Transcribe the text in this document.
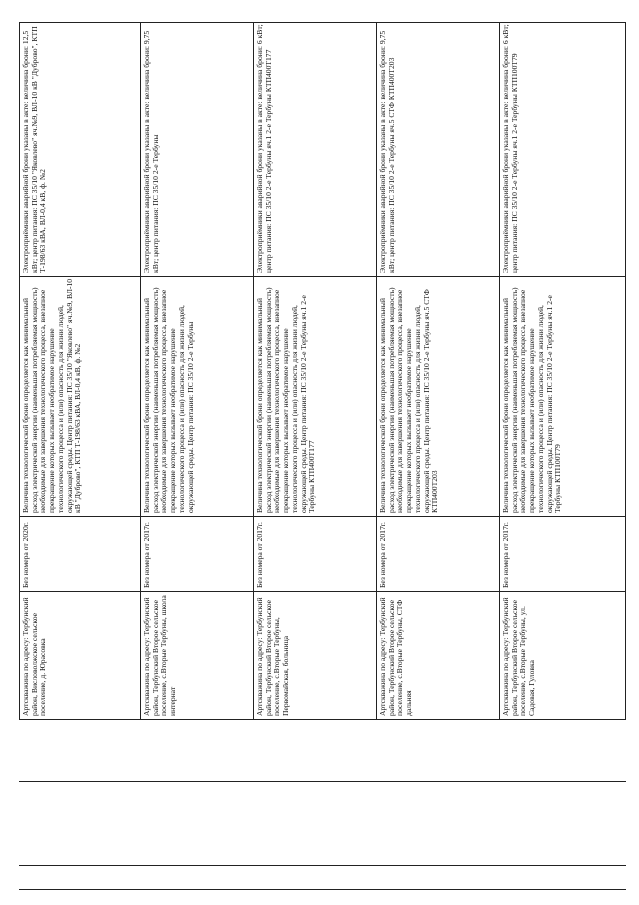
Артскважина по адресу: Тербунский район, Висловолжское сельское поселение, д. Юрасовка
Без номера от 2020г.
Величина технологической брони определяется как минимальный расход электрической энергии (наименьшая потребляемая мощность) необходимые для завершения технологического процесса, внезапное прекращение которых вызывает необратимое нарушение технологического процесса и (или) опасность для жизни людей, окружающей среды. Центр питания: ПС 35/10 "Яковлево" яч.№9, ВЛ-10 кВ "Дуброво", КТП Т-198/63 кВА, ВЛ-0,4 кВ, ф. №2
Электроприёмники аварийной брони указаны в акте: величина брони: 12,5 кВт; центр питания: ПС 35/10 "Яковлево" яч.№9, ВЛ-10 кВ "Дуброво", КТП Т-198/63 кВА, ВЛ-0,4 кВ, ф. №2
Артскважина по адресу: Тербунский район, Тербунский Второе сельское поселение, с.Вторые Тербуны, школа интернат
Без номера от 2017г.
Величина технологической брони определяется как минимальный расход электрической энергии (наименьшая потребляемая мощность) необходимые для завершения технологического процесса, внезапное прекращение которых вызывает необратимое нарушение технологического процесса и (или) опасность для жизни людей, окружающей среды. Центр питания: ПС 35/10 2-е Тербуны
Электроприёмники аварийной брони указаны в акте: величина брони: 9,75 кВт; центр питания: ПС 35/10 2-е Тербуны
Артскважина по адресу: Тербунский район, Тербунский Второе сельское поселение, с.Вторые Тербуны, Первомайская, больница
Без номера от 2017г.
Величина технологической брони определяется как минимальный расход электрической энергии (наименьшая потребляемая мощность) необходимые для завершения технологического процесса, внезапное прекращение которых вызывает необратимое нарушение технологического процесса и (или) опасность для жизни людей, окружающей среды. Центр питания: ПС 35/10 2-е Тербуны яч.1 2-е Тербуны КТП400Т177
Электроприёмники аварийной брони указаны в акте: величина брони: 6 кВт; центр питания: ПС 35/10 2-е Тербуны яч.1 2-е Тербуны КТП400Т177
Артскважина по адресу: Тербунский район, Тербунский Второе сельское поселение, с.Вторые Тербуны, СТФ дальняя
Без номера от 2017г.
Величина технологической брони определяется как минимальный расход электрической энергии (наименьшая потребляемая мощность) необходимые для завершения технологического процесса, внезапное прекращение которых вызывает необратимое нарушение технологического процесса и (или) опасность для жизни людей, окружающей среды. Центр питания: ПС 35/10 2-е Тербуны яч.5 СТФ КТП400Т203
Электроприёмники аварийной брони указаны в акте: величина брони: 9,75 кВт; центр питания: ПС 35/10 2-е Тербуны яч.5 СТФ КТП400Т203
Артскважина по адресу: Тербунский район, Тербунский Второе сельское поселение, с.Вторые Тербуны, ул. Садовая, Гуловка
Без номера от 2017г.
Величина технологической брони определяется как минимальный расход электрической энергии (наименьшая потребляемая мощность) необходимые для завершения технологического процесса, внезапное прекращение которых вызывает необратимое нарушение технологического процесса и (или) опасность для жизни людей, окружающей среды. Центр питания: ПС 35/10 2-е Тербуны яч.1 2-е Тербуны КТП100Т79
Электроприёмники аварийной брони указаны в акте: величина брони: 6 кВт; центр питания: ПС 35/10 2-е Тербуны яч.1 2-е Тербуны КТП100Т79
